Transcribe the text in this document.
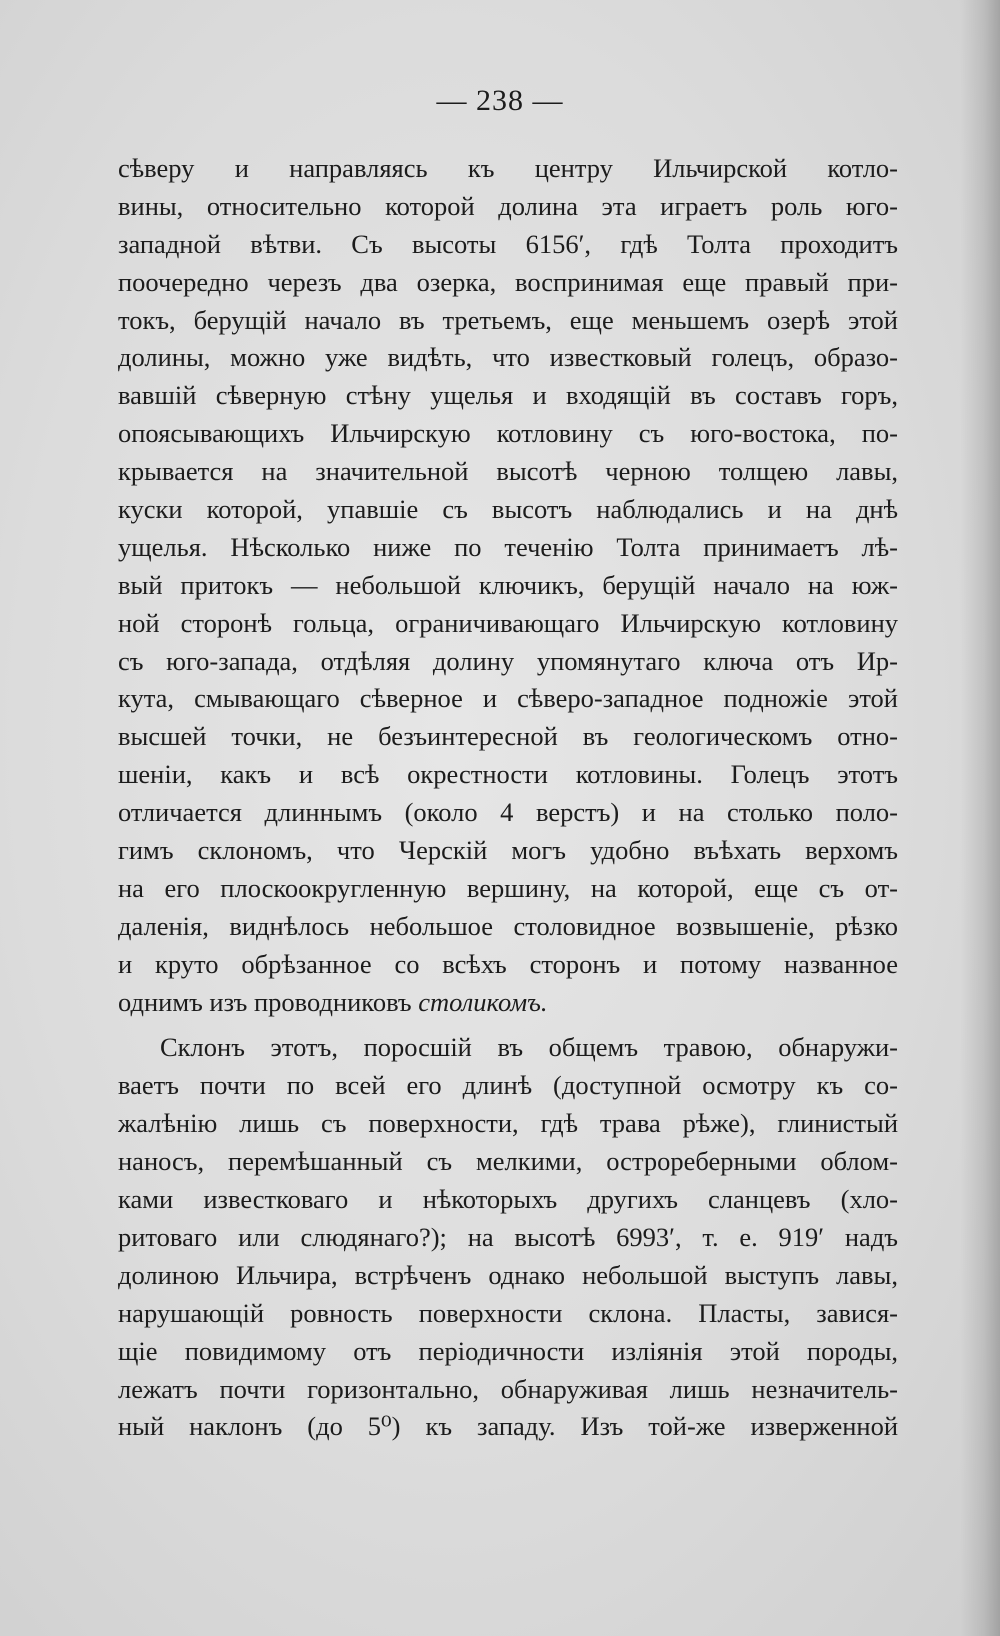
— 238 —
сѣверу и направляясь къ центру Ильчирской котло-
вины, относительно которой долина эта играетъ роль юго-
западной вѣтви. Съ высоты 6156′, гдѣ Толта проходитъ
поочередно черезъ два озерка, воспринимая еще правый при-
токъ, берущій начало въ третьемъ, еще меньшемъ озерѣ этой
долины, можно уже видѣть, что известковый голецъ, образо-
вавшій сѣверную стѣну ущелья и входящій въ составъ горъ,
опоясывающихъ Ильчирскую котловину съ юго-востока, по-
крывается на значительной высотѣ черною толщею лавы,
куски которой, упавшіе съ высотъ наблюдались и на днѣ
ущелья. Нѣсколько ниже по теченію Толта принимаетъ лѣ-
вый притокъ — небольшой ключикъ, берущій начало на юж-
ной сторонѣ гольца, ограничивающаго Ильчирскую котловину
съ юго-запада, отдѣляя долину упомянутаго ключа отъ Ир-
кута, смывающаго сѣверное и сѣверо-западное подножіе этой
высшей точки, не безъинтересной въ геологическомъ отно-
шеніи, какъ и всѣ окрестности котловины. Голецъ этотъ
отличается длиннымъ (около 4 верстъ) и на столько поло-
гимъ склономъ, что Черскій могъ удобно въѣхать верхомъ
на его плоскоокругленную вершину, на которой, еще съ от-
даленія, виднѣлось небольшое столовидное возвышеніе, рѣзко
и круто обрѣзанное со всѣхъ сторонъ и потому названное
однимъ изъ проводниковъ столикомъ.
Склонъ этотъ, поросшій въ общемъ травою, обнаружи-
ваетъ почти по всей его длинѣ (доступной осмотру къ со-
жалѣнію лишь съ поверхности, гдѣ трава рѣже), глинистый
наносъ, перемѣшанный съ мелкими, острореберными облом-
ками известковаго и нѣкоторыхъ другихъ сланцевъ (хло-
ритоваго или слюдянаго?); на высотѣ 6993′, т. е. 919′ надъ
долиною Ильчира, встрѣченъ однако небольшой выступъ лавы,
нарушающій ровность поверхности склона. Пласты, завися-
щіе повидимому отъ періодичности изліянія этой породы,
лежатъ почти горизонтально, обнаруживая лишь незначитель-
ный наклонъ (до 5⁰) къ западу. Изъ той-же изверженной
